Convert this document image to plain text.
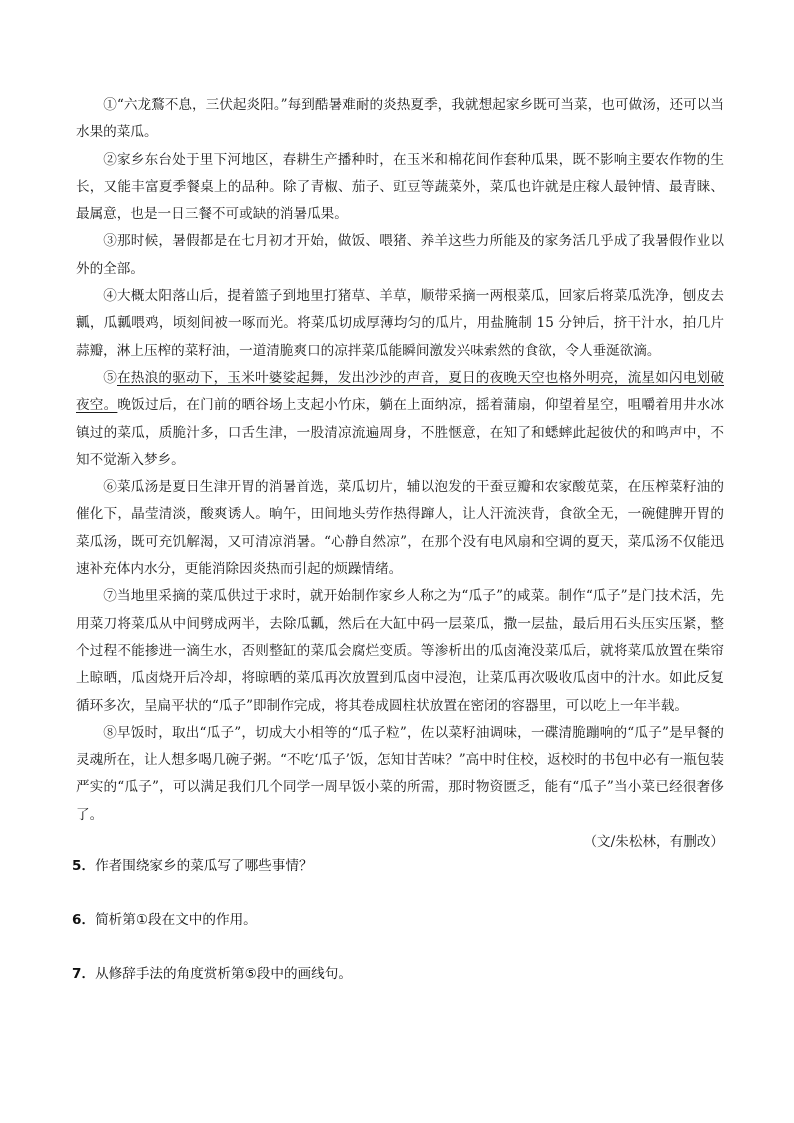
①“六龙鶩不息，三伏起炎阳。”每到酷暑难耐的炎热夏季，我就想起家乡既可当菜，也可做汤，还可以当水果的菜瓜。

②家乡东台处于里下河地区，春耕生产播种时，在玉米和棉花间作套种瓜果，既不影响主要农作物的生长，又能丰富夏季餐桌上的品种。除了青椒、茄子、豇豆等蔬菜外，菜瓜也许就是庄稼人最钟情、最青睐、最属意，也是一日三餐不可或缺的消暑瓜果。

③那时候，暑假都是在七月初才开始，做饭、喂猪、养羊这些力所能及的家务活几乎成了我暑假作业以外的全部。

④大概太阳落山后，提着篮子到地里打猪草、羊草，顺带采摘一两根菜瓜，回家后将菜瓜洗净，刨皮去瓤，瓜瓤喂鸡，顷刻间被一啄而光。将菜瓜切成厚薄均匀的瓜片，用盐腌制 15 分钟后，挤干汁水，拍几片蒜瓣，淋上压榨的菜籽油，一道清脆爽口的凉拌菜瓜能瞬间激发兴味索然的食欲，令人垂涎欲滴。

⑤在热浪的驱动下，玉米叶婆娑起舞，发出沙沙的声音，夏日的夜晚天空也格外明亮，流星如闪电划破夜空。晚饭过后，在门前的晒谷场上支起小竹床，躺在上面纳凉，摇着蒲扇，仰望着星空，咀嚼着用井水冰镇过的菜瓜，质脆汁多，口舌生津，一股清凉流遍周身，不胜惬意，在知了和蟋蟀此起彼伏的和鸣声中，不知不觉渐入梦乡。

⑥菜瓜汤是夏日生津开胃的消暑首选，菜瓜切片，辅以泡发的干蚕豆瓣和农家酸苋菜，在压榨菜籽油的催化下，晶莹清淡，酸爽诱人。晌午，田间地头劳作热得蹿人，让人汗流浃背，食欲全无，一碗健脾开胃的菜瓜汤，既可充饥解渴，又可清凉消暑。“心静自然凉”，在那个没有电风扇和空调的夏天，菜瓜汤不仅能迅速补充体内水分，更能消除因炎热而引起的烦躁情绪。

⑦当地里采摘的菜瓜供过于求时，就开始制作家乡人称之为“瓜子”的咸菜。制作“瓜子”是门技术活，先用菜刀将菜瓜从中间劈成两半，去除瓜瓤，然后在大缸中码一层菜瓜，撒一层盐，最后用石头压实压紧，整个过程不能掺进一滴生水，否则整缸的菜瓜会腐烂变质。等渗析出的瓜卤淹没菜瓜后，就将菜瓜放置在柴帘上晾晒，瓜卤烧开后冷却，将晾晒的菜瓜再次放置到瓜卤中浸泡，让菜瓜再次吸收瓜卤中的汁水。如此反复循环多次，呈扁平状的“瓜子”即制作完成，将其卷成圆柱状放置在密闭的容器里，可以吃上一年半载。

⑧早饭时，取出“瓜子”，切成大小相等的“瓜子粒”，佐以菜籽油调味，一碟清脆蹦响的“瓜子”是早餐的灵魂所在，让人想多喝几碗子粥。“不吃‘瓜子’饭，怎知甘苦味？”高中时住校，返校时的书包中必有一瓶包装严实的“瓜子”，可以满足我们几个同学一周早饭小菜的所需，那时物资匮乏，能有“瓜子”当小菜已经很奢侈了。

（文/朱松林，有删改）

5．作者围绕家乡的菜瓜写了哪些事情？

6．简析第①段在文中的作用。

7．从修辞手法的角度赏析第⑤段中的画线句。
